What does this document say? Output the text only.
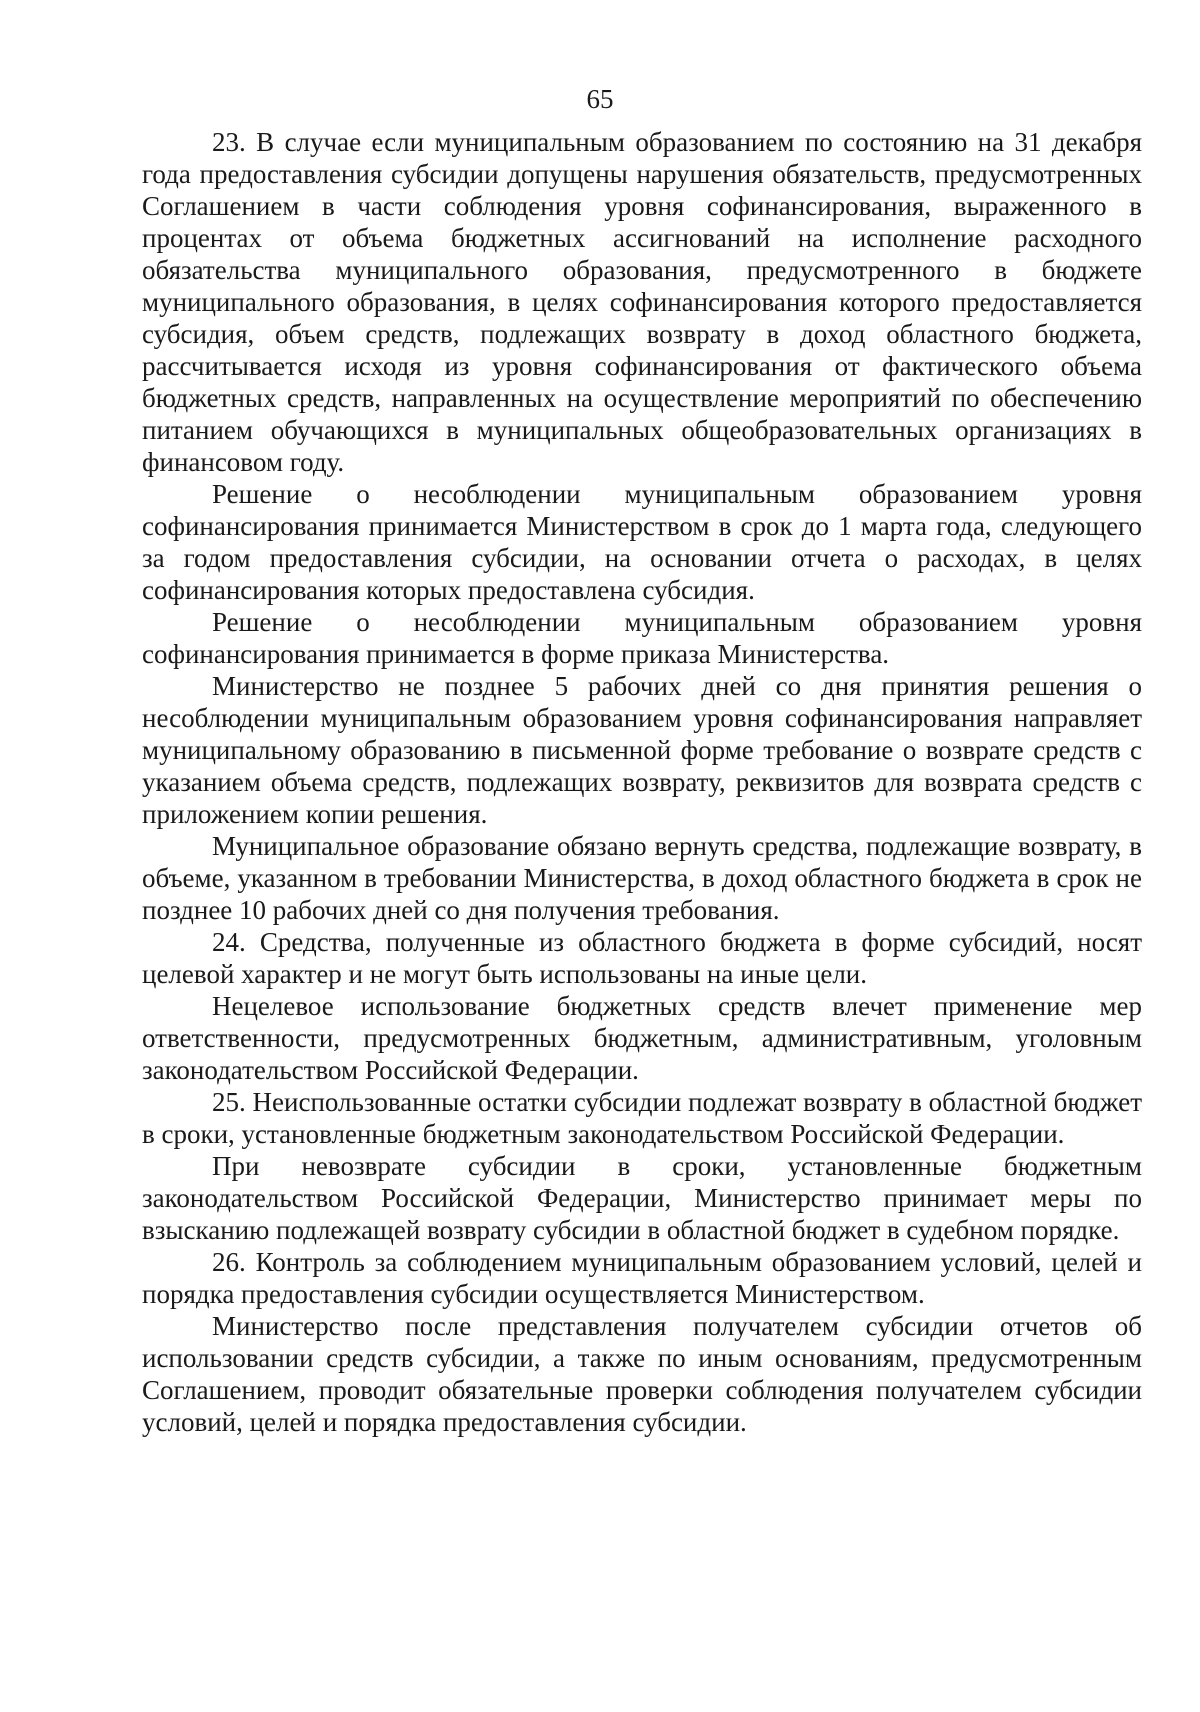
65

23. В случае если муниципальным образованием по состоянию на 31 декабря года предоставления субсидии допущены нарушения обязательств, предусмотренных Соглашением в части соблюдения уровня софинансирования, выраженного в процентах от объема бюджетных ассигнований на исполнение расходного обязательства муниципального образования, предусмотренного в бюджете муниципального образования, в целях софинансирования которого предоставляется субсидия, объем средств, подлежащих возврату в доход областного бюджета, рассчитывается исходя из уровня софинансирования от фактического объема бюджетных средств, направленных на осуществление мероприятий по обеспечению питанием обучающихся в муниципальных общеобразовательных организациях в финансовом году.

Решение о несоблюдении муниципальным образованием уровня софинансирования принимается Министерством в срок до 1 марта года, следующего за годом предоставления субсидии, на основании отчета о расходах, в целях софинансирования которых предоставлена субсидия.

Решение о несоблюдении муниципальным образованием уровня софинансирования принимается в форме приказа Министерства.

Министерство не позднее 5 рабочих дней со дня принятия решения о несоблюдении муниципальным образованием уровня софинансирования направляет муниципальному образованию в письменной форме требование о возврате средств с указанием объема средств, подлежащих возврату, реквизитов для возврата средств с приложением копии решения.

Муниципальное образование обязано вернуть средства, подлежащие возврату, в объеме, указанном в требовании Министерства, в доход областного бюджета в срок не позднее 10 рабочих дней со дня получения требования.

24. Средства, полученные из областного бюджета в форме субсидий, носят целевой характер и не могут быть использованы на иные цели.

Нецелевое использование бюджетных средств влечет применение мер ответственности, предусмотренных бюджетным, административным, уголовным законодательством Российской Федерации.

25. Неиспользованные остатки субсидии подлежат возврату в областной бюджет в сроки, установленные бюджетным законодательством Российской Федерации.

При невозврате субсидии в сроки, установленные бюджетным законодательством Российской Федерации, Министерство принимает меры по взысканию подлежащей возврату субсидии в областной бюджет в судебном порядке.

26. Контроль за соблюдением муниципальным образованием условий, целей и порядка предоставления субсидии осуществляется Министерством.

Министерство после представления получателем субсидии отчетов об использовании средств субсидии, а также по иным основаниям, предусмотренным Соглашением, проводит обязательные проверки соблюдения получателем субсидии условий, целей и порядка предоставления субсидии.
